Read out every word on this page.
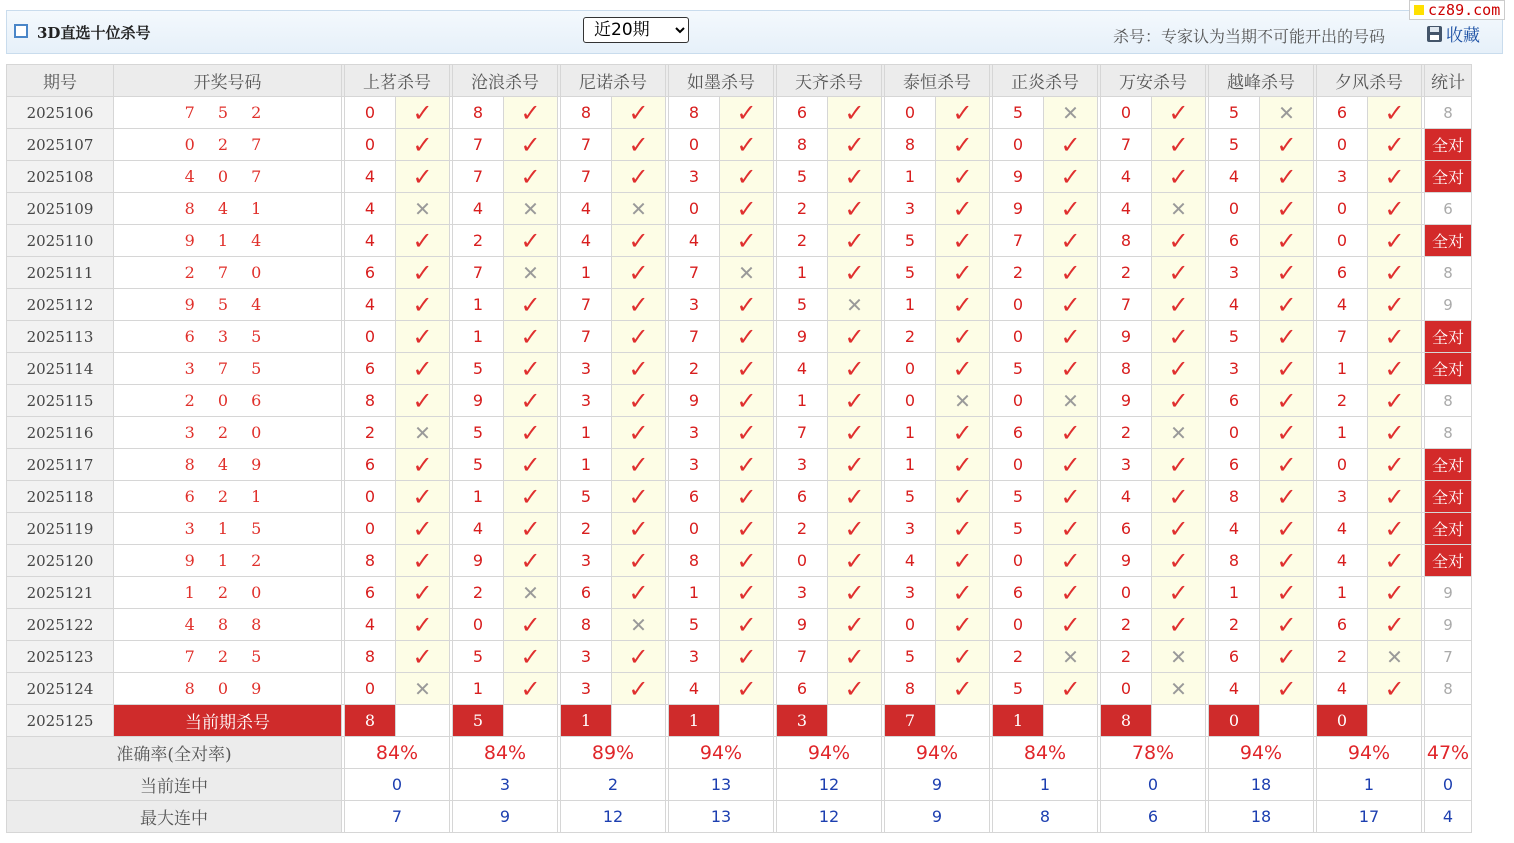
3D直选十位杀号
近20期	杀号：专家认为当期不可能开出的号码	收藏
cz89.com
期号	开奖号码		上茗杀号			沧浪杀号			尼诺杀号			如墨杀号			天齐杀号			泰恒杀号			正炎杀号			万安杀号			越峰杀号			夕风杀号			统计
2025106	7 5 2		0	✓		8	✓		8	✓		8	✓		6	✓		0	✓		5	✕		0	✓		5	✕		6	✓		8
2025107	0 2 7		0	✓		7	✓		7	✓		0	✓		8	✓		8	✓		0	✓		7	✓		5	✓		0	✓		全对
2025108	4 0 7		4	✓		7	✓		7	✓		3	✓		5	✓		1	✓		9	✓		4	✓		4	✓		3	✓		全对
2025109	8 4 1		4	✕		4	✕		4	✕		0	✓		2	✓		3	✓		9	✓		4	✕		0	✓		0	✓		6
2025110	9 1 4		4	✓		2	✓		4	✓		4	✓		2	✓		5	✓		7	✓		8	✓		6	✓		0	✓		全对
2025111	2 7 0		6	✓		7	✕		1	✓		7	✕		1	✓		5	✓		2	✓		2	✓		3	✓		6	✓		8
2025112	9 5 4		4	✓		1	✓		7	✓		3	✓		5	✕		1	✓		0	✓		7	✓		4	✓		4	✓		9
2025113	6 3 5		0	✓		1	✓		7	✓		7	✓		9	✓		2	✓		0	✓		9	✓		5	✓		7	✓		全对
2025114	3 7 5		6	✓		5	✓		3	✓		2	✓		4	✓		0	✓		5	✓		8	✓		3	✓		1	✓		全对
2025115	2 0 6		8	✓		9	✓		3	✓		9	✓		1	✓		0	✕		0	✕		9	✓		6	✓		2	✓		8
2025116	3 2 0		2	✕		5	✓		1	✓		3	✓		7	✓		1	✓		6	✓		2	✕		0	✓		1	✓		8
2025117	8 4 9		6	✓		5	✓		1	✓		3	✓		3	✓		1	✓		0	✓		3	✓		6	✓		0	✓		全对
2025118	6 2 1		0	✓		1	✓		5	✓		6	✓		6	✓		5	✓		5	✓		4	✓		8	✓		3	✓		全对
2025119	3 1 5		0	✓		4	✓		2	✓		0	✓		2	✓		3	✓		5	✓		6	✓		4	✓		4	✓		全对
2025120	9 1 2		8	✓		9	✓		3	✓		8	✓		0	✓		4	✓		0	✓		9	✓		8	✓		4	✓		全对
2025121	1 2 0		6	✓		2	✕		6	✓		1	✓		3	✓		3	✓		6	✓		0	✓		1	✓		1	✓		9
2025122	4 8 8		4	✓		0	✓		8	✕		5	✓		9	✓		0	✓		0	✓		2	✓		2	✓		6	✓		9
2025123	7 2 5		8	✓		5	✓		3	✓		3	✓		7	✓		5	✓		2	✕		2	✕		6	✓		2	✕		7
2025124	8 0 9		0	✕		1	✓		3	✓		4	✓		6	✓		8	✓		5	✓		0	✕		4	✓		4	✓		8
2025125	当前期杀号		8			5			1			1			3			7			1			8			0			0			
准确率(全对率)			84%			84%			89%			94%			94%			94%			84%			78%			94%			94%			47%
当前连中			0			3			2			13			12			9			1			0			18			1			0
最大连中			7			9			12			13			12			9			8			6			18			17			4
